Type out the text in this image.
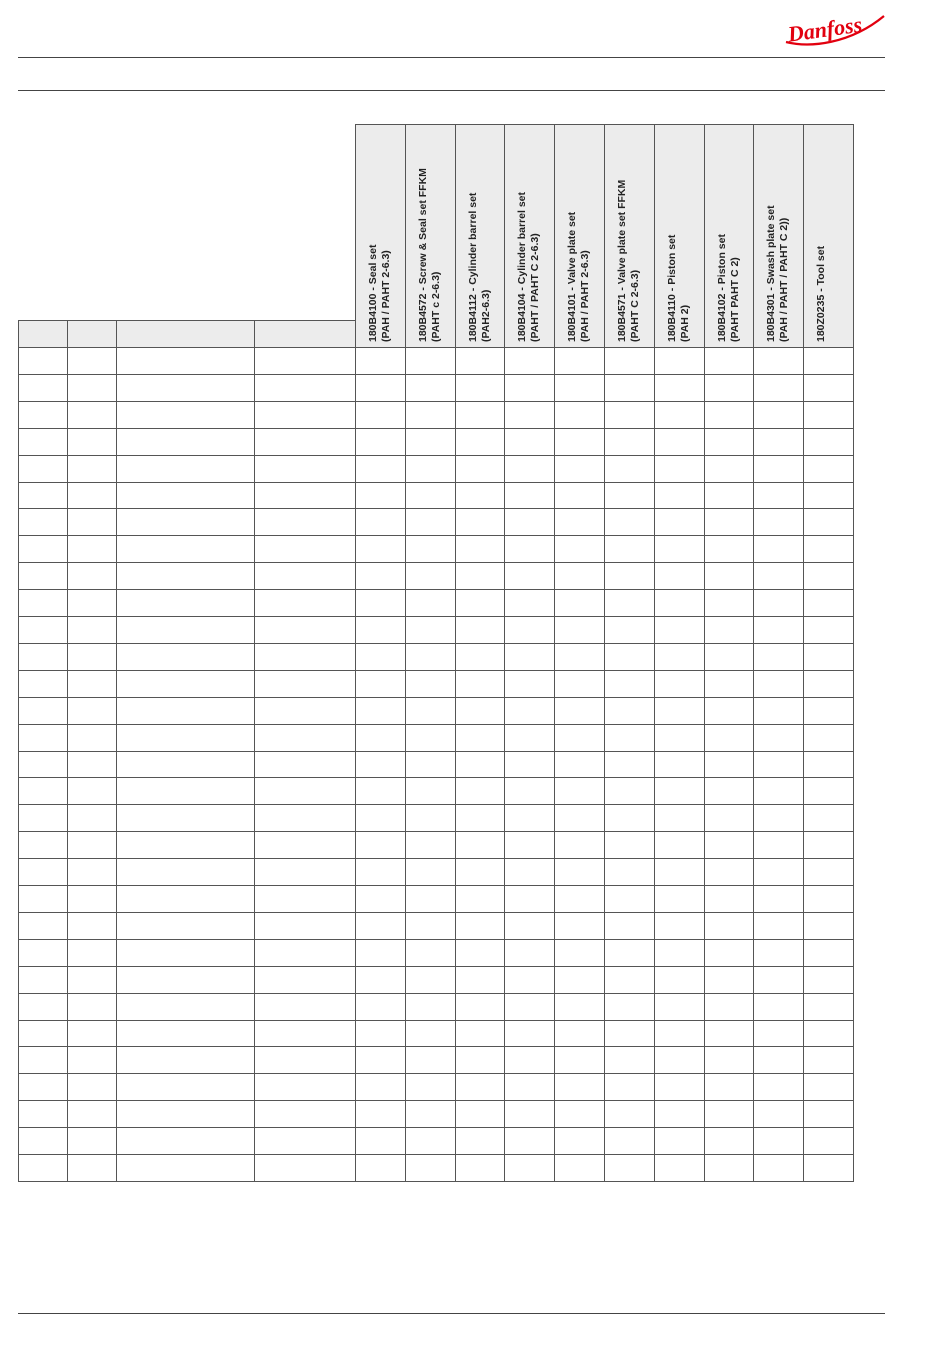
Danfoss
180B4100 - Seal set (PAH / PAHT 2-6.3) 180B4572 - Screw & Seal set FFKM (PAHT c 2-6.3) 180B4112 - Cylinder barrel set (PAH2-6.3) 180B4104 - Cylinder barrel set (PAHT / PAHT C 2-6.3) 180B4101 - Valve plate set (PAH / PAHT 2-6.3) 180B4571 - Valve plate set FFKM (PAHT C 2-6.3) 180B4110 - Piston set (PAH 2) 180B4102 - Piston set (PAHT PAHT C 2) 180B4301 - Swash plate set (PAH / PAHT / PAHT C 2)) 180Z0235 - Tool set
